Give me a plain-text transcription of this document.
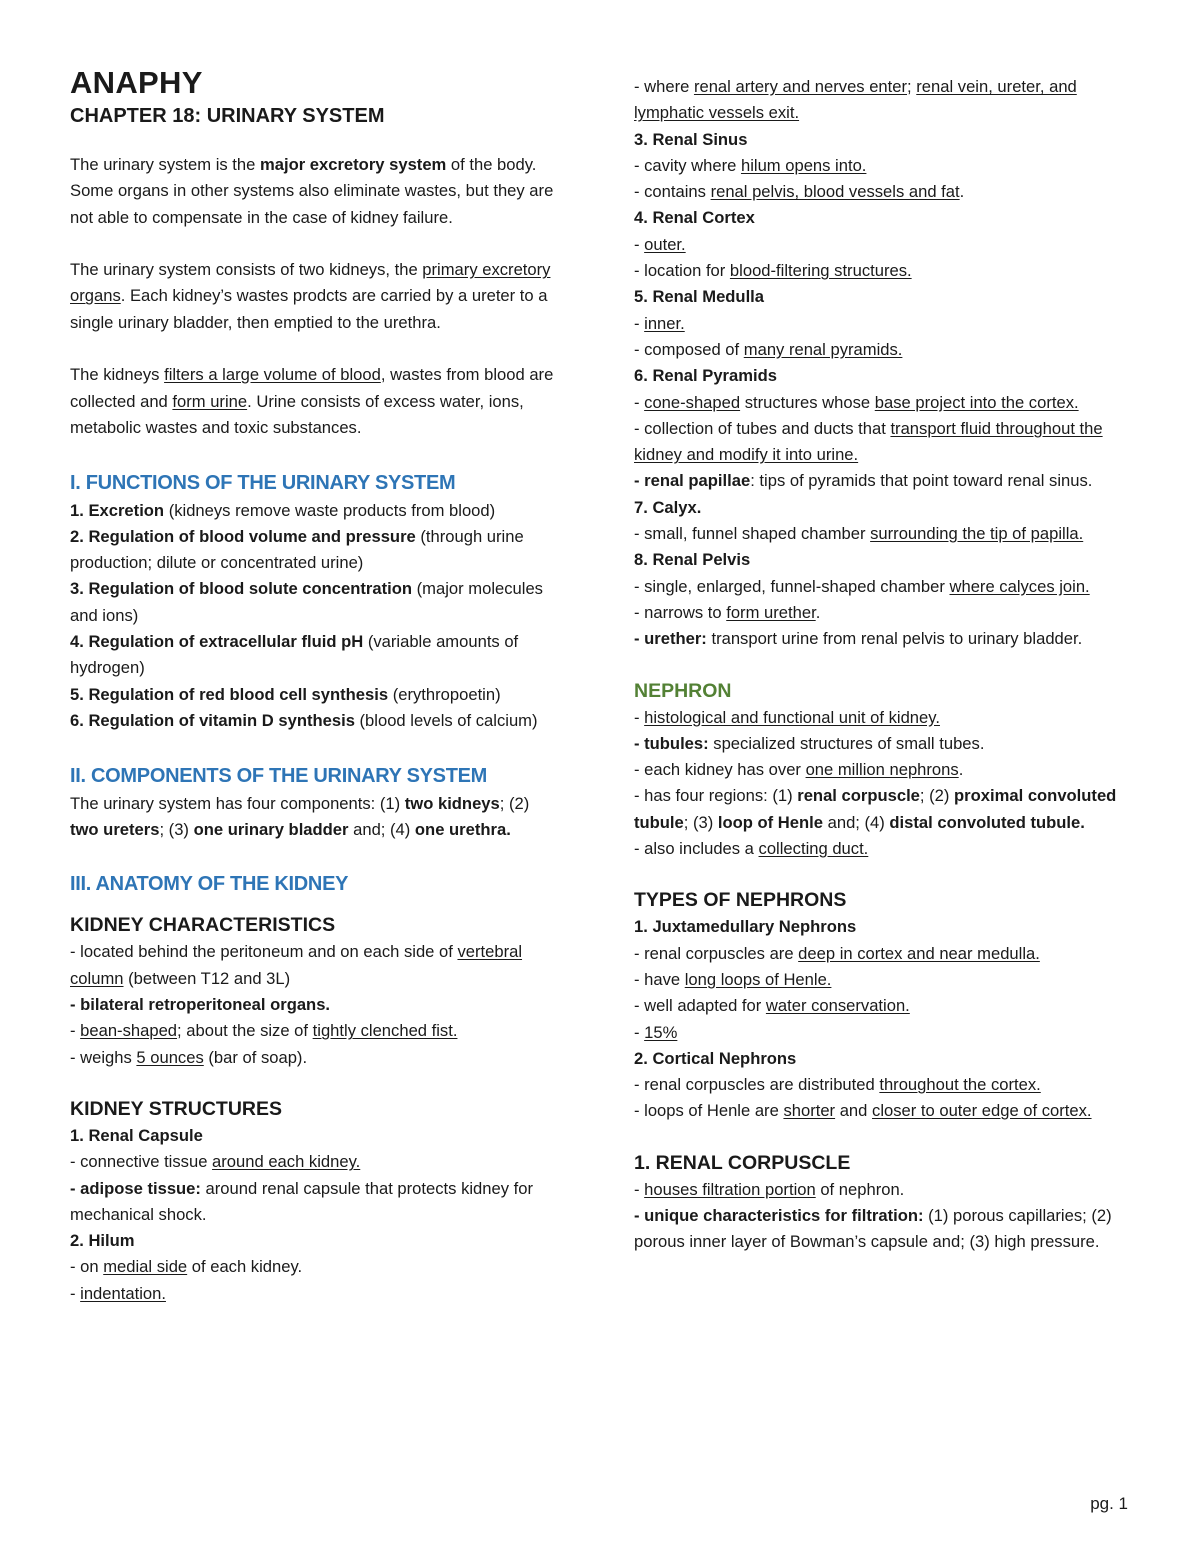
ANAPHY
CHAPTER 18: URINARY SYSTEM

The urinary system is the major excretory system of the body. Some organs in other systems also eliminate wastes, but they are not able to compensate in the case of kidney failure.

The urinary system consists of two kidneys, the primary excretory organs. Each kidney’s wastes prodcts are carried by a ureter to a single urinary bladder, then emptied to the urethra.

The kidneys filters a large volume of blood, wastes from blood are collected and form urine. Urine consists of excess water, ions, metabolic wastes and toxic substances.

I. FUNCTIONS OF THE URINARY SYSTEM

1. Excretion (kidneys remove waste products from blood)

2. Regulation of blood volume and pressure (through urine production; dilute or concentrated urine)

3. Regulation of blood solute concentration (major molecules and ions)

4. Regulation of extracellular fluid pH (variable amounts of hydrogen)

5. Regulation of red blood cell synthesis (erythropoetin)

6. Regulation of vitamin D synthesis (blood levels of calcium)

II. COMPONENTS OF THE URINARY SYSTEM

The urinary system has four components: (1) two kidneys; (2) two ureters; (3) one urinary bladder and; (4) one urethra.

III. ANATOMY OF THE KIDNEY
KIDNEY CHARACTERISTICS

- located behind the peritoneum and on each side of vertebral column (between T12 and 3L)

- bilateral retroperitoneal organs.

- bean-shaped; about the size of tightly clenched fist.

- weighs 5 ounces (bar of soap).

KIDNEY STRUCTURES

1. Renal Capsule

- connective tissue around each kidney.

- adipose tissue: around renal capsule that protects kidney for mechanical shock.

2. Hilum

- on medial side of each kidney.

- indentation.

- where renal artery and nerves enter; renal vein, ureter, and lymphatic vessels exit.

3. Renal Sinus

- cavity where hilum opens into.

- contains renal pelvis, blood vessels and fat.

4. Renal Cortex

- outer.

- location for blood-filtering structures.

5. Renal Medulla

- inner.

- composed of many renal pyramids.

6. Renal Pyramids

- cone-shaped structures whose base project into the cortex.

- collection of tubes and ducts that transport fluid throughout the kidney and modify it into urine.

- renal papillae: tips of pyramids that point toward renal sinus.

7. Calyx.

- small, funnel shaped chamber surrounding the tip of papilla.

8. Renal Pelvis

- single, enlarged, funnel-shaped chamber where calyces join.

- narrows to form urether.

- urether: transport urine from renal pelvis to urinary bladder.

NEPHRON

- histological and functional unit of kidney.

- tubules: specialized structures of small tubes.

- each kidney has over one million nephrons.

- has four regions: (1) renal corpuscle; (2) proximal convoluted tubule; (3) loop of Henle and; (4) distal convoluted tubule.

- also includes a collecting duct.

TYPES OF NEPHRONS

1. Juxtamedullary Nephrons

- renal corpuscles are deep in cortex and near medulla.

- have long loops of Henle.

- well adapted for water conservation.

- 15%

2. Cortical Nephrons

- renal corpuscles are distributed throughout the cortex.

- loops of Henle are shorter and closer to outer edge of cortex.

1. RENAL CORPUSCLE

- houses filtration portion of nephron.

- unique characteristics for filtration: (1) porous capillaries; (2) porous inner layer of Bowman’s capsule and; (3) high pressure.

pg. 1
